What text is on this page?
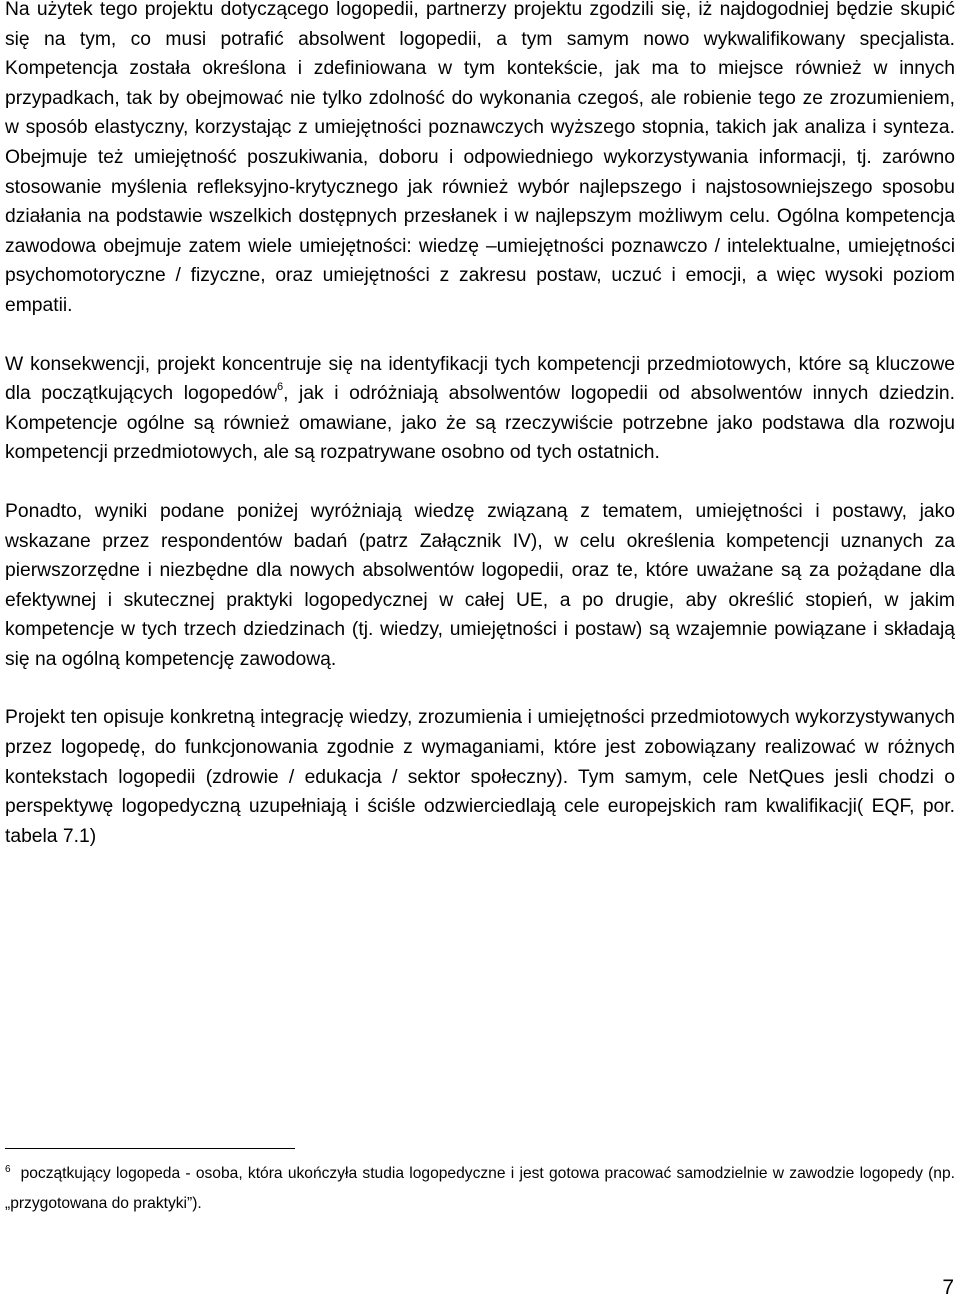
Na użytek tego projektu dotyczącego logopedii, partnerzy projektu zgodzili się, iż najdogodniej będzie skupić się na tym, co musi potrafić absolwent logopedii, a tym samym nowo wykwalifikowany specjalista. Kompetencja została określona i zdefiniowana w tym kontekście, jak ma to miejsce również w innych przypadkach, tak by obejmować nie tylko zdolność do wykonania czegoś, ale robienie tego ze zrozumieniem, w sposób elastyczny, korzystając z umiejętności poznawczych wyższego stopnia, takich jak analiza i synteza. Obejmuje też umiejętność poszukiwania, doboru i odpowiedniego wykorzystywania informacji, tj. zarówno stosowanie myślenia refleksyjno-krytycznego jak również wybór najlepszego i najstosowniejszego sposobu działania na podstawie wszelkich dostępnych przesłanek i w najlepszym możliwym celu. Ogólna kompetencja zawodowa obejmuje zatem wiele umiejętności: wiedzę –umiejętności poznawczo / intelektualne, umiejętności psychomotoryczne / fizyczne, oraz umiejętności z zakresu postaw, uczuć i emocji, a więc wysoki poziom empatii.

W konsekwencji, projekt koncentruje się na identyfikacji tych kompetencji przedmiotowych, które są kluczowe dla początkujących logopedów$^6$, jak i odróżniają absolwentów logopedii od absolwentów innych dziedzin. Kompetencje ogólne są również omawiane, jako że są rzeczywiście potrzebne jako podstawa dla rozwoju kompetencji przedmiotowych, ale są rozpatrywane osobno od tych ostatnich.

Ponadto, wyniki podane poniżej wyróżniają wiedzę związaną z tematem, umiejętności i postawy, jako wskazane przez respondentów badań (patrz Załącznik IV), w celu określenia kompetencji uznanych za pierwszorzędne i niezbędne dla nowych absolwentów logopedii, oraz te, które uważane są za pożądane dla efektywnej i skutecznej praktyki logopedycznej w całej UE, a po drugie, aby określić stopień, w jakim kompetencje w tych trzech dziedzinach (tj. wiedzy, umiejętności i postaw) są wzajemnie powiązane i składają się na ogólną kompetencję zawodową.

Projekt ten opisuje konkretną integrację wiedzy, zrozumienia i umiejętności przedmiotowych wykorzystywanych przez logopedę, do funkcjonowania zgodnie z wymaganiami, które jest zobowiązany realizować w różnych kontekstach logopedii (zdrowie / edukacja / sektor społeczny). Tym samym, cele NetQues jesli chodzi o perspektywę logopedyczną uzupełniają i ściśle odzwierciedlają cele europejskich ram kwalifikacji( EQF, por. tabela 7.1)

$^6$ początkujący logopeda - osoba, która ukończyła studia logopedyczne i jest gotowa pracować samodzielnie w zawodzie logopedy (np. „przygotowana do praktyki”).
7
